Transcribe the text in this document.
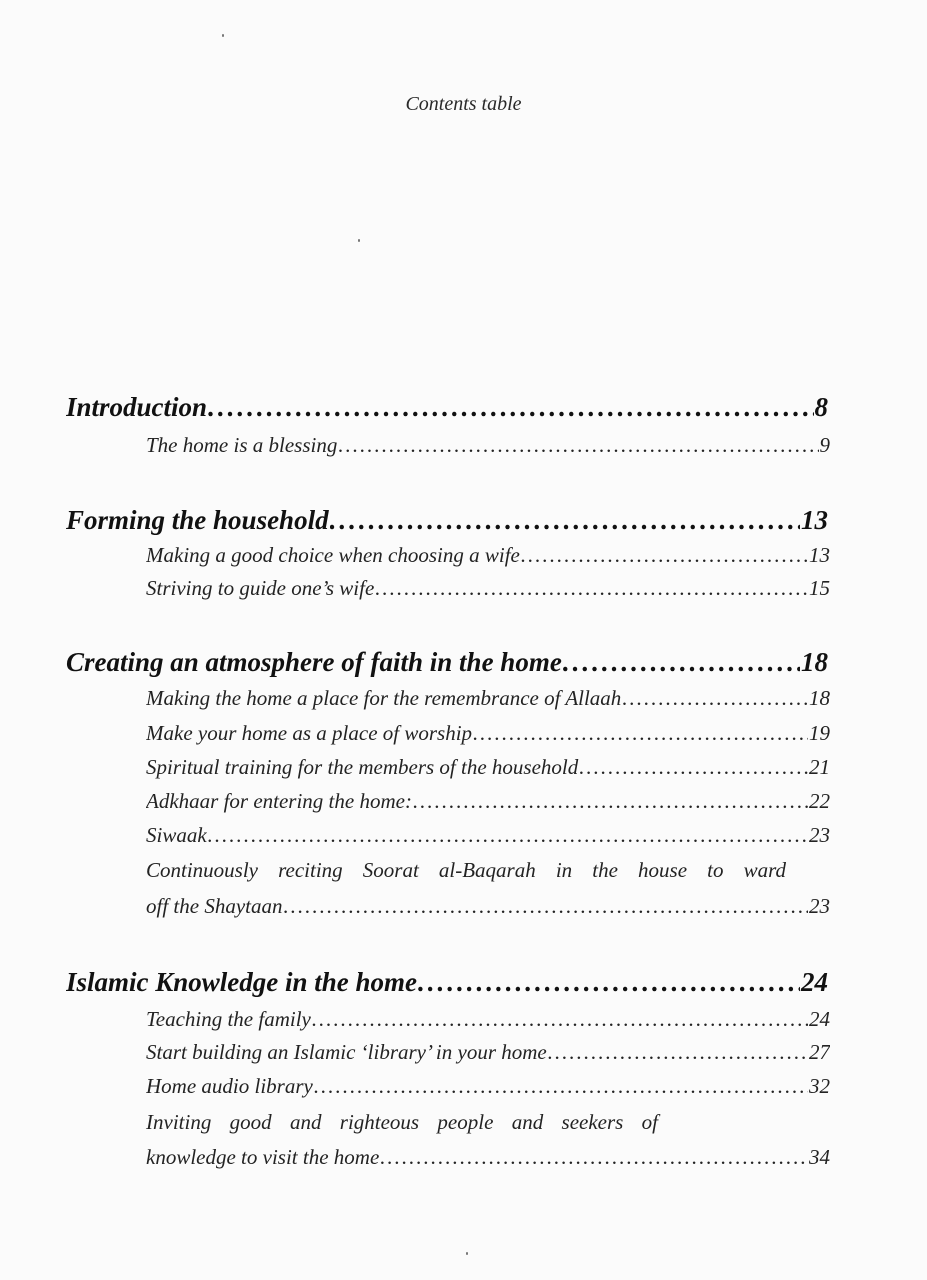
Contents table
Introduction .....	8
The home is a blessing .....	9
Forming the household .....	13
Making a good choice when choosing a wife .....	13
Striving to guide one’s wife .....	15
Creating an atmosphere of faith in the home .....	18
Making the home a place for the remembrance of Allaah .....	18
Make your home as a place of worship .....	19
Spiritual training for the members of the household .....	21
Adkhaar for entering the home: .....	22
Siwaak .....	23
Continuously reciting Soorat al-Baqarah in the house to ward
off the Shaytaan .....	23
Islamic Knowledge in the home .....	24
Teaching the family .....	24
Start building an Islamic ‘library’ in your home .....	27
Home audio library .....	32
Inviting good and righteous people and seekers of
knowledge to visit the home .....	34
